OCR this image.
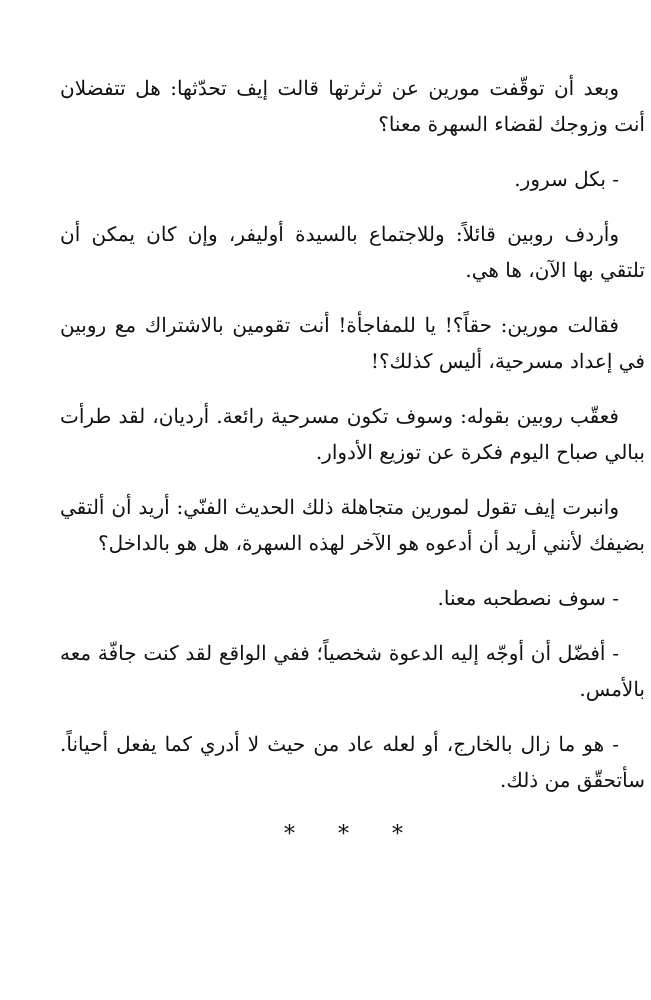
وبعد أن توقّفت مورين عن ثرثرتها قالت إيف تحدّثها: هل تتفضلان أنت وزوجك لقضاء السهرة معنا؟

- بكل سرور.

وأردف روبين قائلاً: وللاجتماع بالسيدة أوليفر، وإن كان يمكن أن تلتقي بها الآن، ها هي.

فقالت مورين: حقاً؟! يا للمفاجأة! أنت تقومين بالاشتراك مع روبين في إعداد مسرحية، أليس كذلك؟!

فعقّب روبين بقوله: وسوف تكون مسرحية رائعة. أردیان، لقد طرأت ببالي صباح اليوم فكرة عن توزيع الأدوار.

وانبرت إيف تقول لمورين متجاهلة ذلك الحديث الفنّي: أريد أن ألتقي بضيفك لأنني أريد أن أدعوه هو الآخر لهذه السهرة، هل هو بالداخل؟

- سوف نصطحبه معنا.

- أفضّل أن أوجّه إليه الدعوة شخصياً؛ ففي الواقع لقد كنت جافّة معه بالأمس.

- هو ما زال بالخارج، أو لعله عاد من حيث لا أدري كما يفعل أحياناً. سأتحقّق من ذلك.

* * *
